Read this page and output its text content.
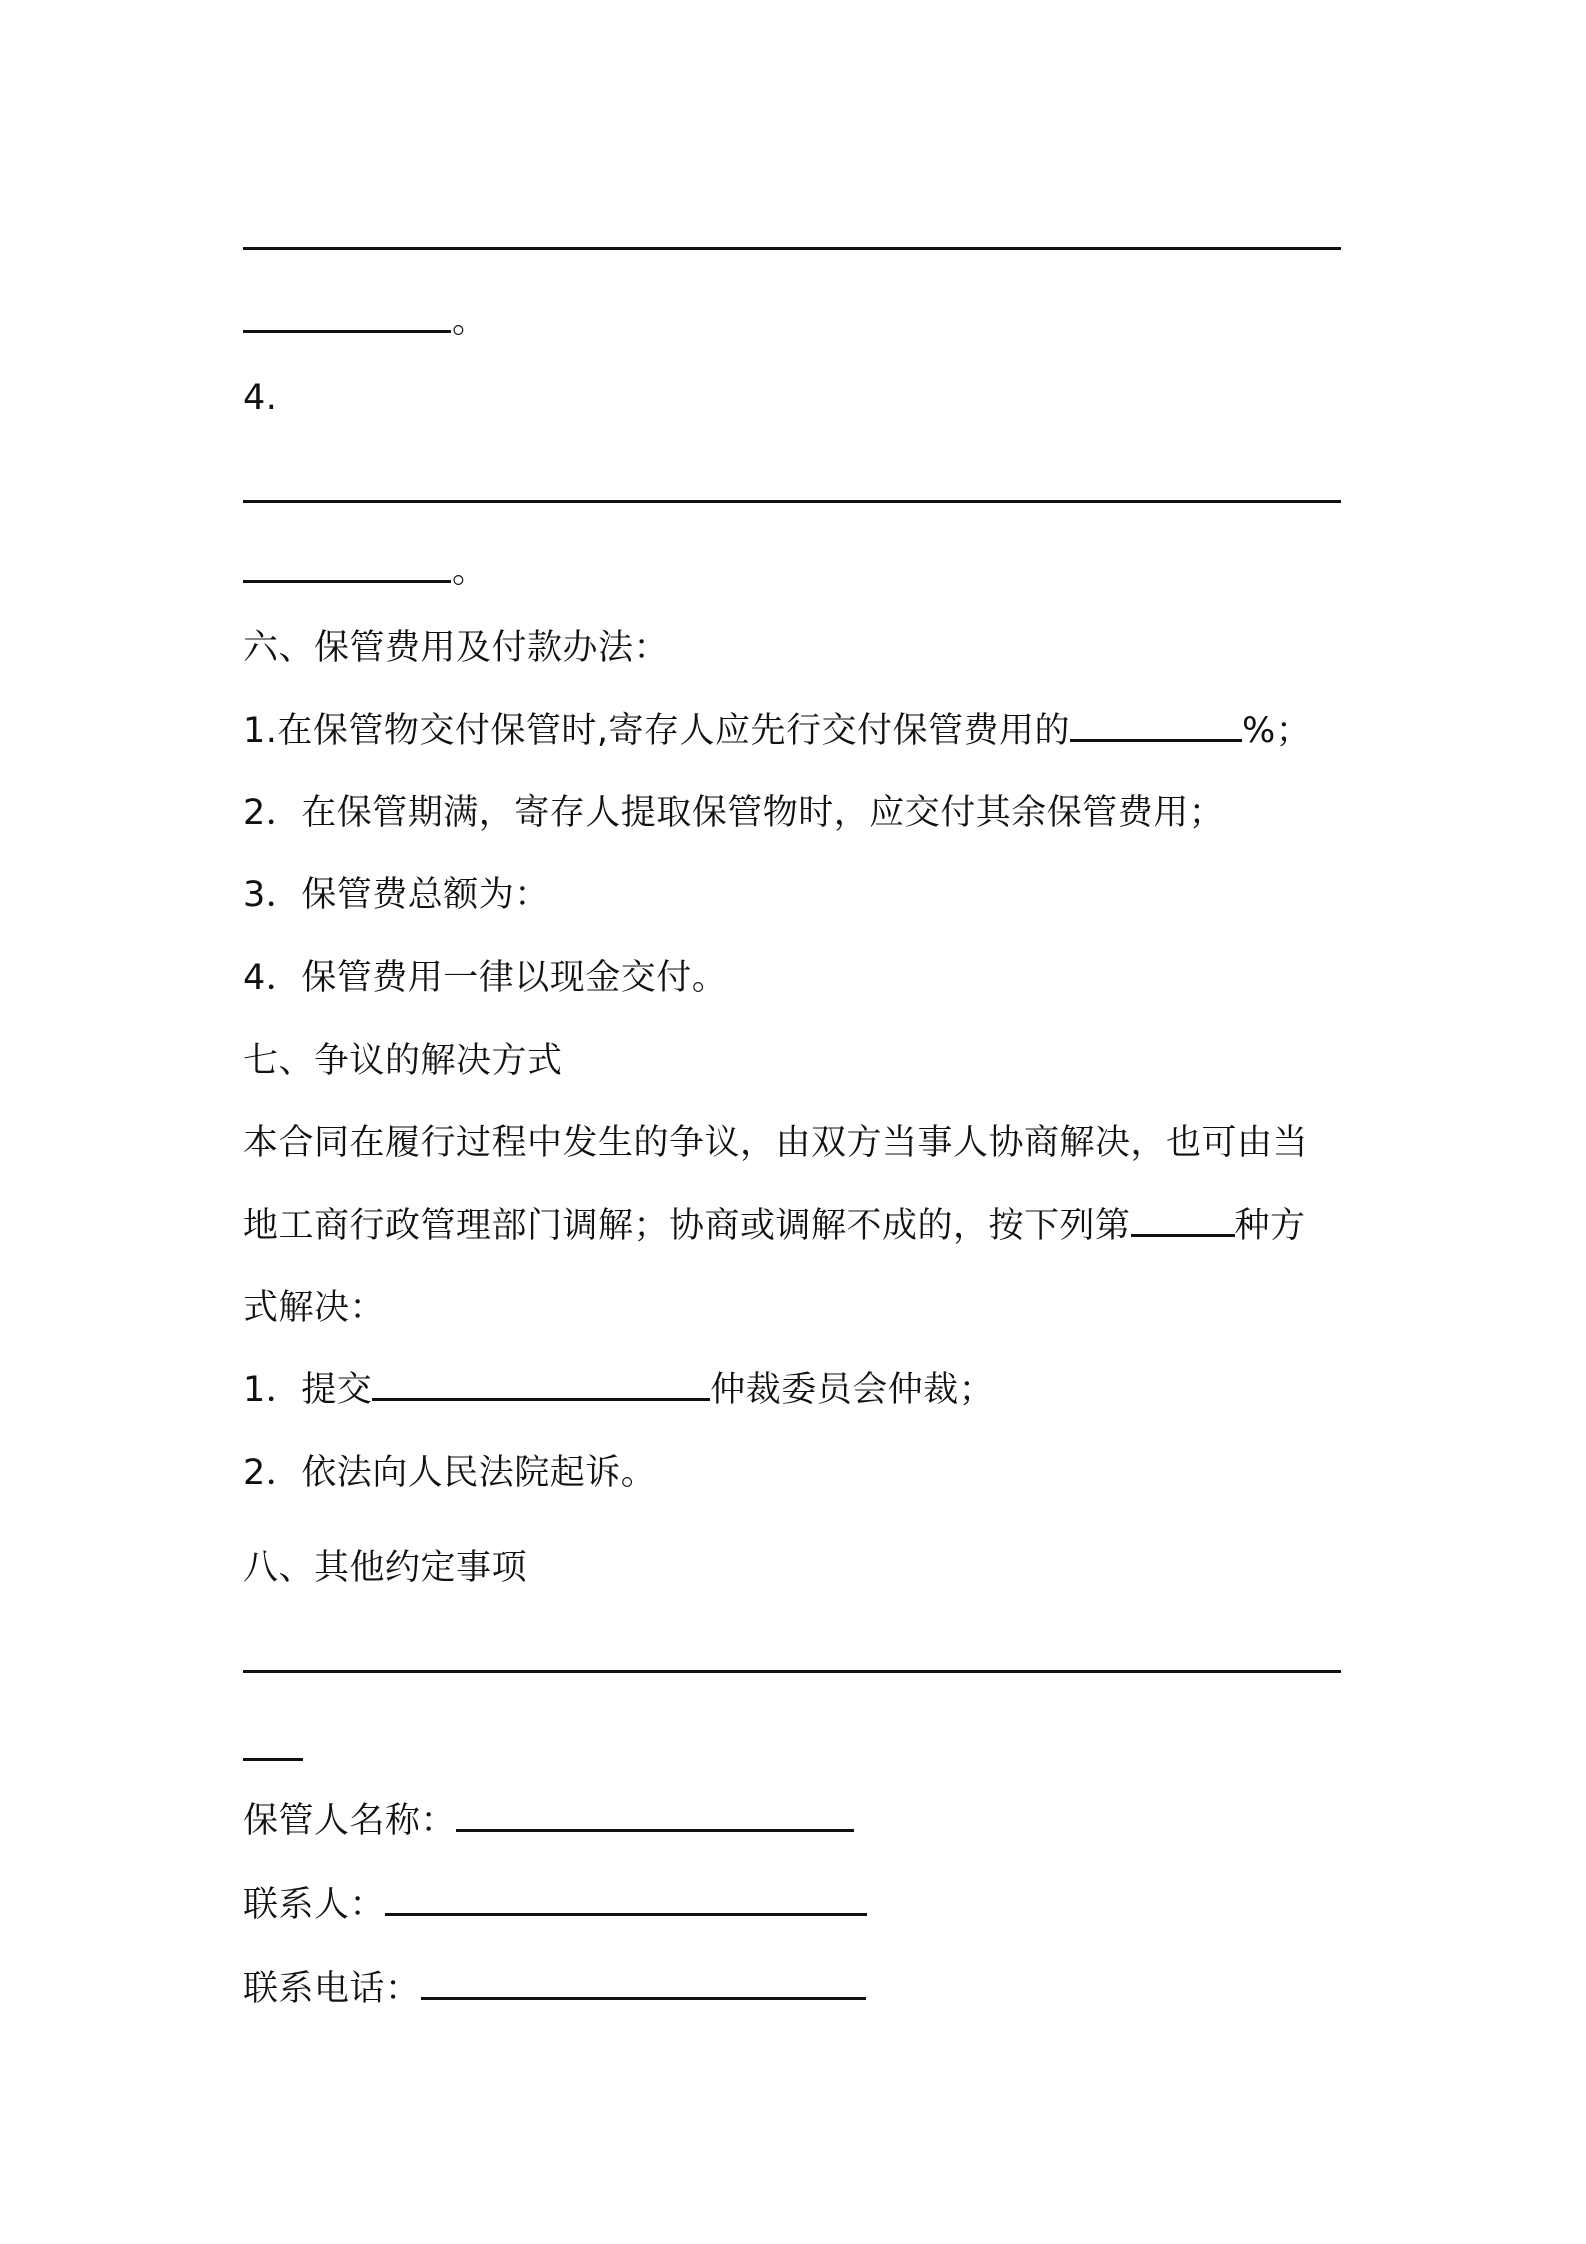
。
4.
。
六、保管费用及付款办法：
1.在保管物交付保管时,寄存人应先行交付保管费用的	%；
2．在保管期满，寄存人提取保管物时，应交付其余保管费用；
3．保管费总额为：
4．保管费用一律以现金交付。
七、争议的解决方式
本合同在履行过程中发生的争议，由双方当事人协商解决，也可由当
地工商行政管理部门调解；协商或调解不成的，按下列第	种方
式解决：
1．提交	仲裁委员会仲裁；
2．依法向人民法院起诉。
八、其他约定事项
保管人名称：
联系人：
联系电话：
